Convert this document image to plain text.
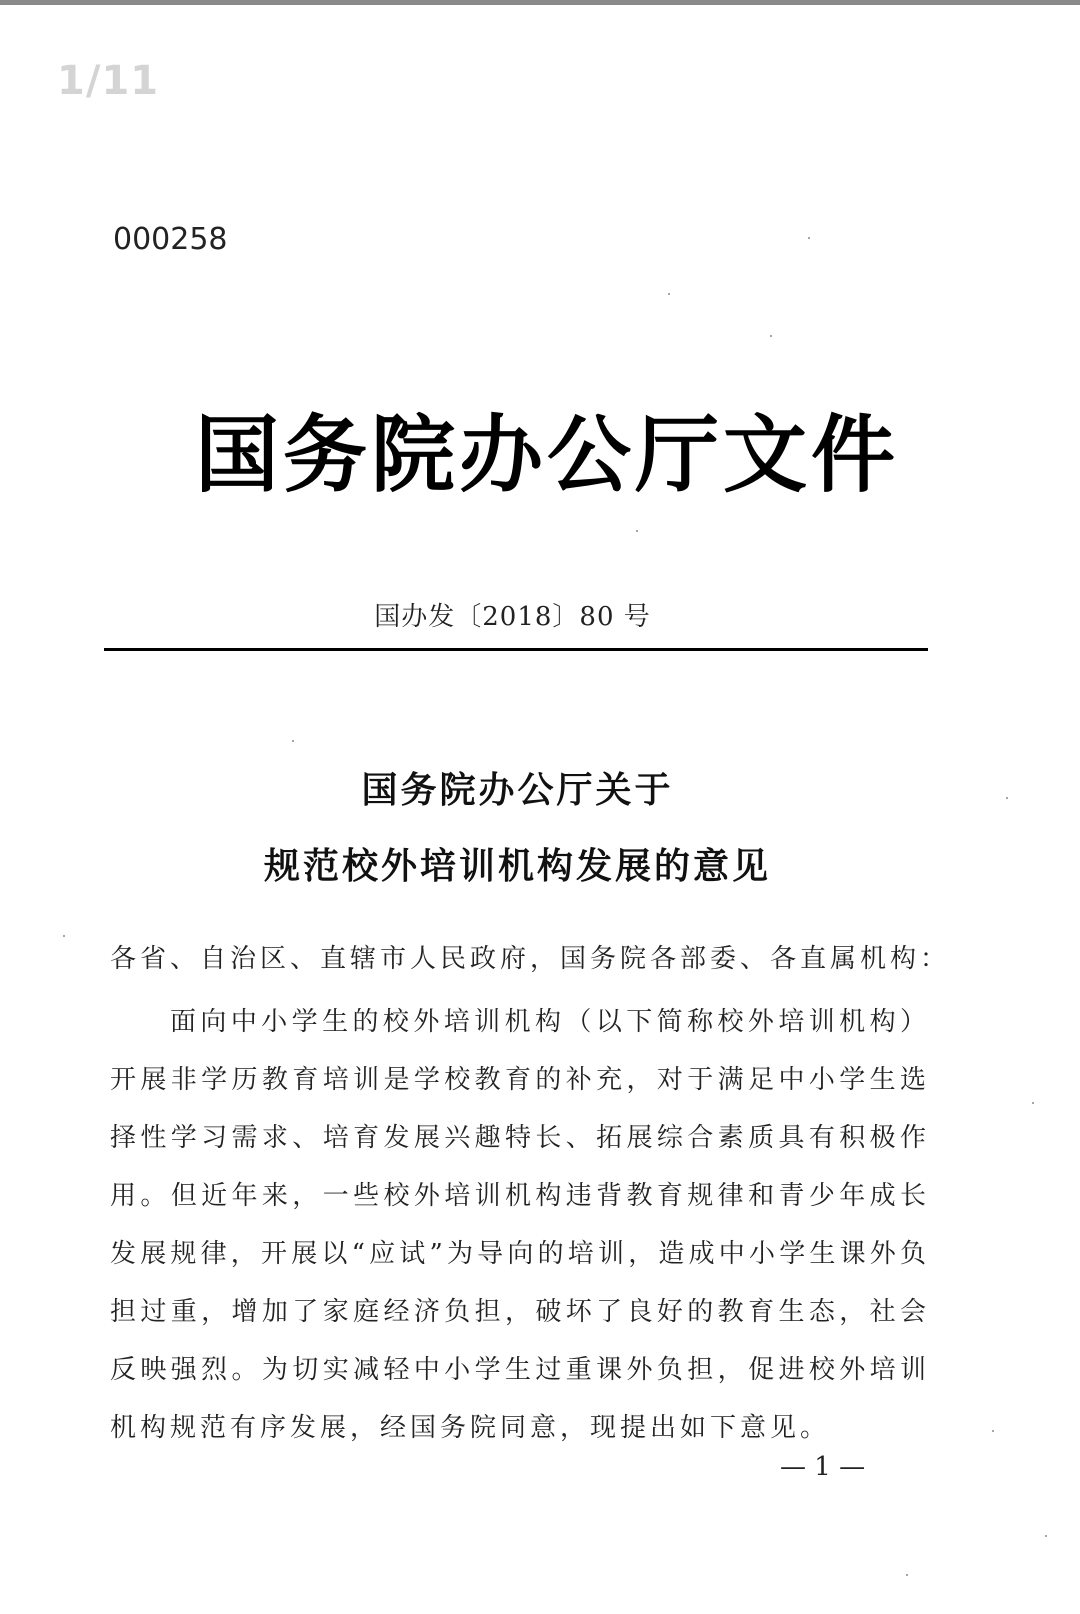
1/11
000258
国务院办公厅文件
国办发〔2018〕80 号
国务院办公厅关于
规范校外培训机构发展的意见
各省、自治区、直辖市人民政府，国务院各部委、各直属机构：
面向中小学生的校外培训机构（以下简称校外培训机构）开展非学历教育培训是学校教育的补充，对于满足中小学生选择性学习需求、培育发展兴趣特长、拓展综合素质具有积极作用。但近年来，一些校外培训机构违背教育规律和青少年成长发展规律，开展以“应试”为导向的培训，造成中小学生课外负担过重，增加了家庭经济负担，破坏了良好的教育生态，社会反映强烈。为切实减轻中小学生过重课外负担，促进校外培训机构规范有序发展，经国务院同意，现提出如下意见。
— 1 —
